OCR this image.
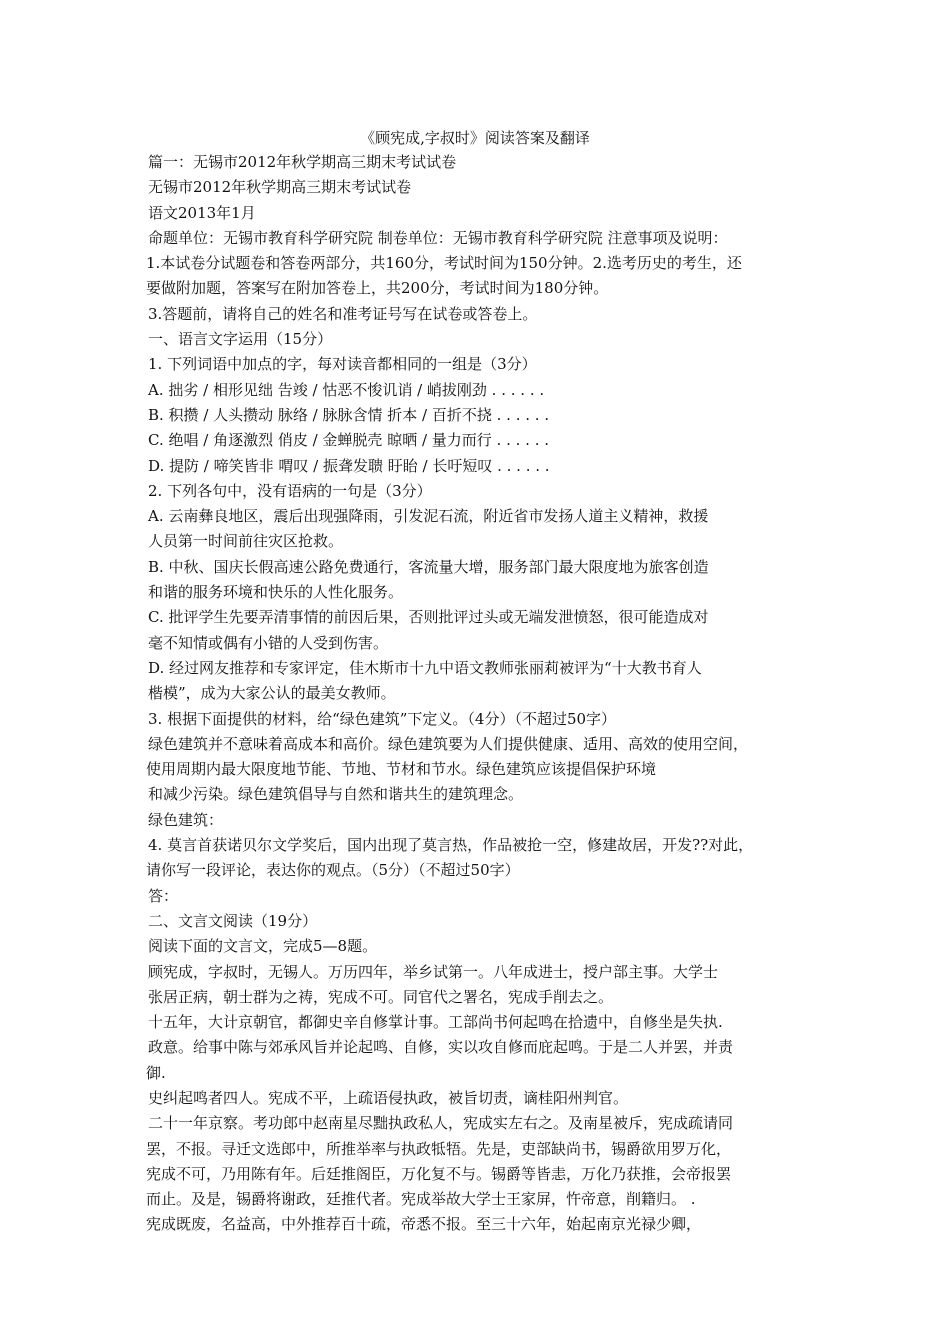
《顾宪成,字叔时》阅读答案及翻译
篇一：无锡市2012年秋学期高三期末考试试卷
无锡市2012年秋学期高三期末考试试卷
语文2013年1月
命题单位：无锡市教育科学研究院 制卷单位：无锡市教育科学研究院 注意事项及说明：
1.本试卷分试题卷和答卷两部分，共160分，考试时间为150分钟。2.选考历史的考生，还
要做附加题，答案写在附加答卷上，共200分，考试时间为180分钟。
3.答题前，请将自己的姓名和准考证号写在试卷或答卷上。
一、语言文字运用（15分）
1. 下列词语中加点的字，每对读音都相同的一组是（3分）
A. 拙劣 / 相形见绌 告竣 / 怙恶不悛讥诮 / 峭拔刚劲 . . . . . .
B. 积攒 / 人头攒动 脉络 / 脉脉含情 折本 / 百折不挠 . . . . . .
C. 绝唱 / 角逐激烈 俏皮 / 金蝉脱壳 晾晒 / 量力而行 . . . . . .
D. 提防 / 啼笑皆非 喟叹 / 振聋发聩 盱眙 / 长吁短叹 . . . . . .
2. 下列各句中，没有语病的一句是（3分）
A. 云南彝良地区，震后出现强降雨，引发泥石流，附近省市发扬人道主义精神，救援
人员第一时间前往灾区抢救。
B. 中秋、国庆长假高速公路免费通行，客流量大增，服务部门最大限度地为旅客创造
和谐的服务环境和快乐的人性化服务。
C. 批评学生先要弄清事情的前因后果，否则批评过头或无端发泄愤怒，很可能造成对
毫不知情或偶有小错的人受到伤害。
D. 经过网友推荐和专家评定，佳木斯市十九中语文教师张丽莉被评为“十大教书育人
楷模”，成为大家公认的最美女教师。
3. 根据下面提供的材料，给“绿色建筑”下定义。（4分）（不超过50字）
绿色建筑并不意味着高成本和高价。绿色建筑要为人们提供健康、适用、高效的使用空间，
使用周期内最大限度地节能、节地、节材和节水。绿色建筑应该提倡保护环境
和减少污染。绿色建筑倡导与自然和谐共生的建筑理念。
绿色建筑：
4. 莫言首获诺贝尔文学奖后，国内出现了莫言热，作品被抢一空，修建故居，开发??对此，
请你写一段评论，表达你的观点。（5分）（不超过50字）
答：
二、文言文阅读（19分）
阅读下面的文言文，完成5—8题。
顾宪成，字叔时，无锡人。万历四年，举乡试第一。八年成进士，授户部主事。大学士
张居正病，朝士群为之祷，宪成不可。同官代之署名，宪成手削去之。
十五年，大计京朝官，都御史辛自修掌计事。工部尚书何起鸣在拾遗中，自修坐是失执.
政意。给事中陈与郊承风旨并论起鸣、自修，实以攻自修而庇起鸣。于是二人并罢，并责
御.
史纠起鸣者四人。宪成不平，上疏语侵执政，被旨切责，谪桂阳州判官。
二十一年京察。考功郎中赵南星尽黜执政私人，宪成实左右之。及南星被斥，宪成疏请同
罢，不报。寻迁文选郎中，所推举率与执政牴牾。先是，吏部缺尚书，锡爵欲用罗万化，
宪成不可，乃用陈有年。后廷推阁臣，万化复不与。锡爵等皆恚，万化乃获推，会帝报罢
而止。及是，锡爵将谢政，廷推代者。宪成举故大学士王家屏，忤帝意，削籍归。 .
宪成既废，名益高，中外推荐百十疏，帝悉不报。至三十六年，始起南京光禄少卿，
